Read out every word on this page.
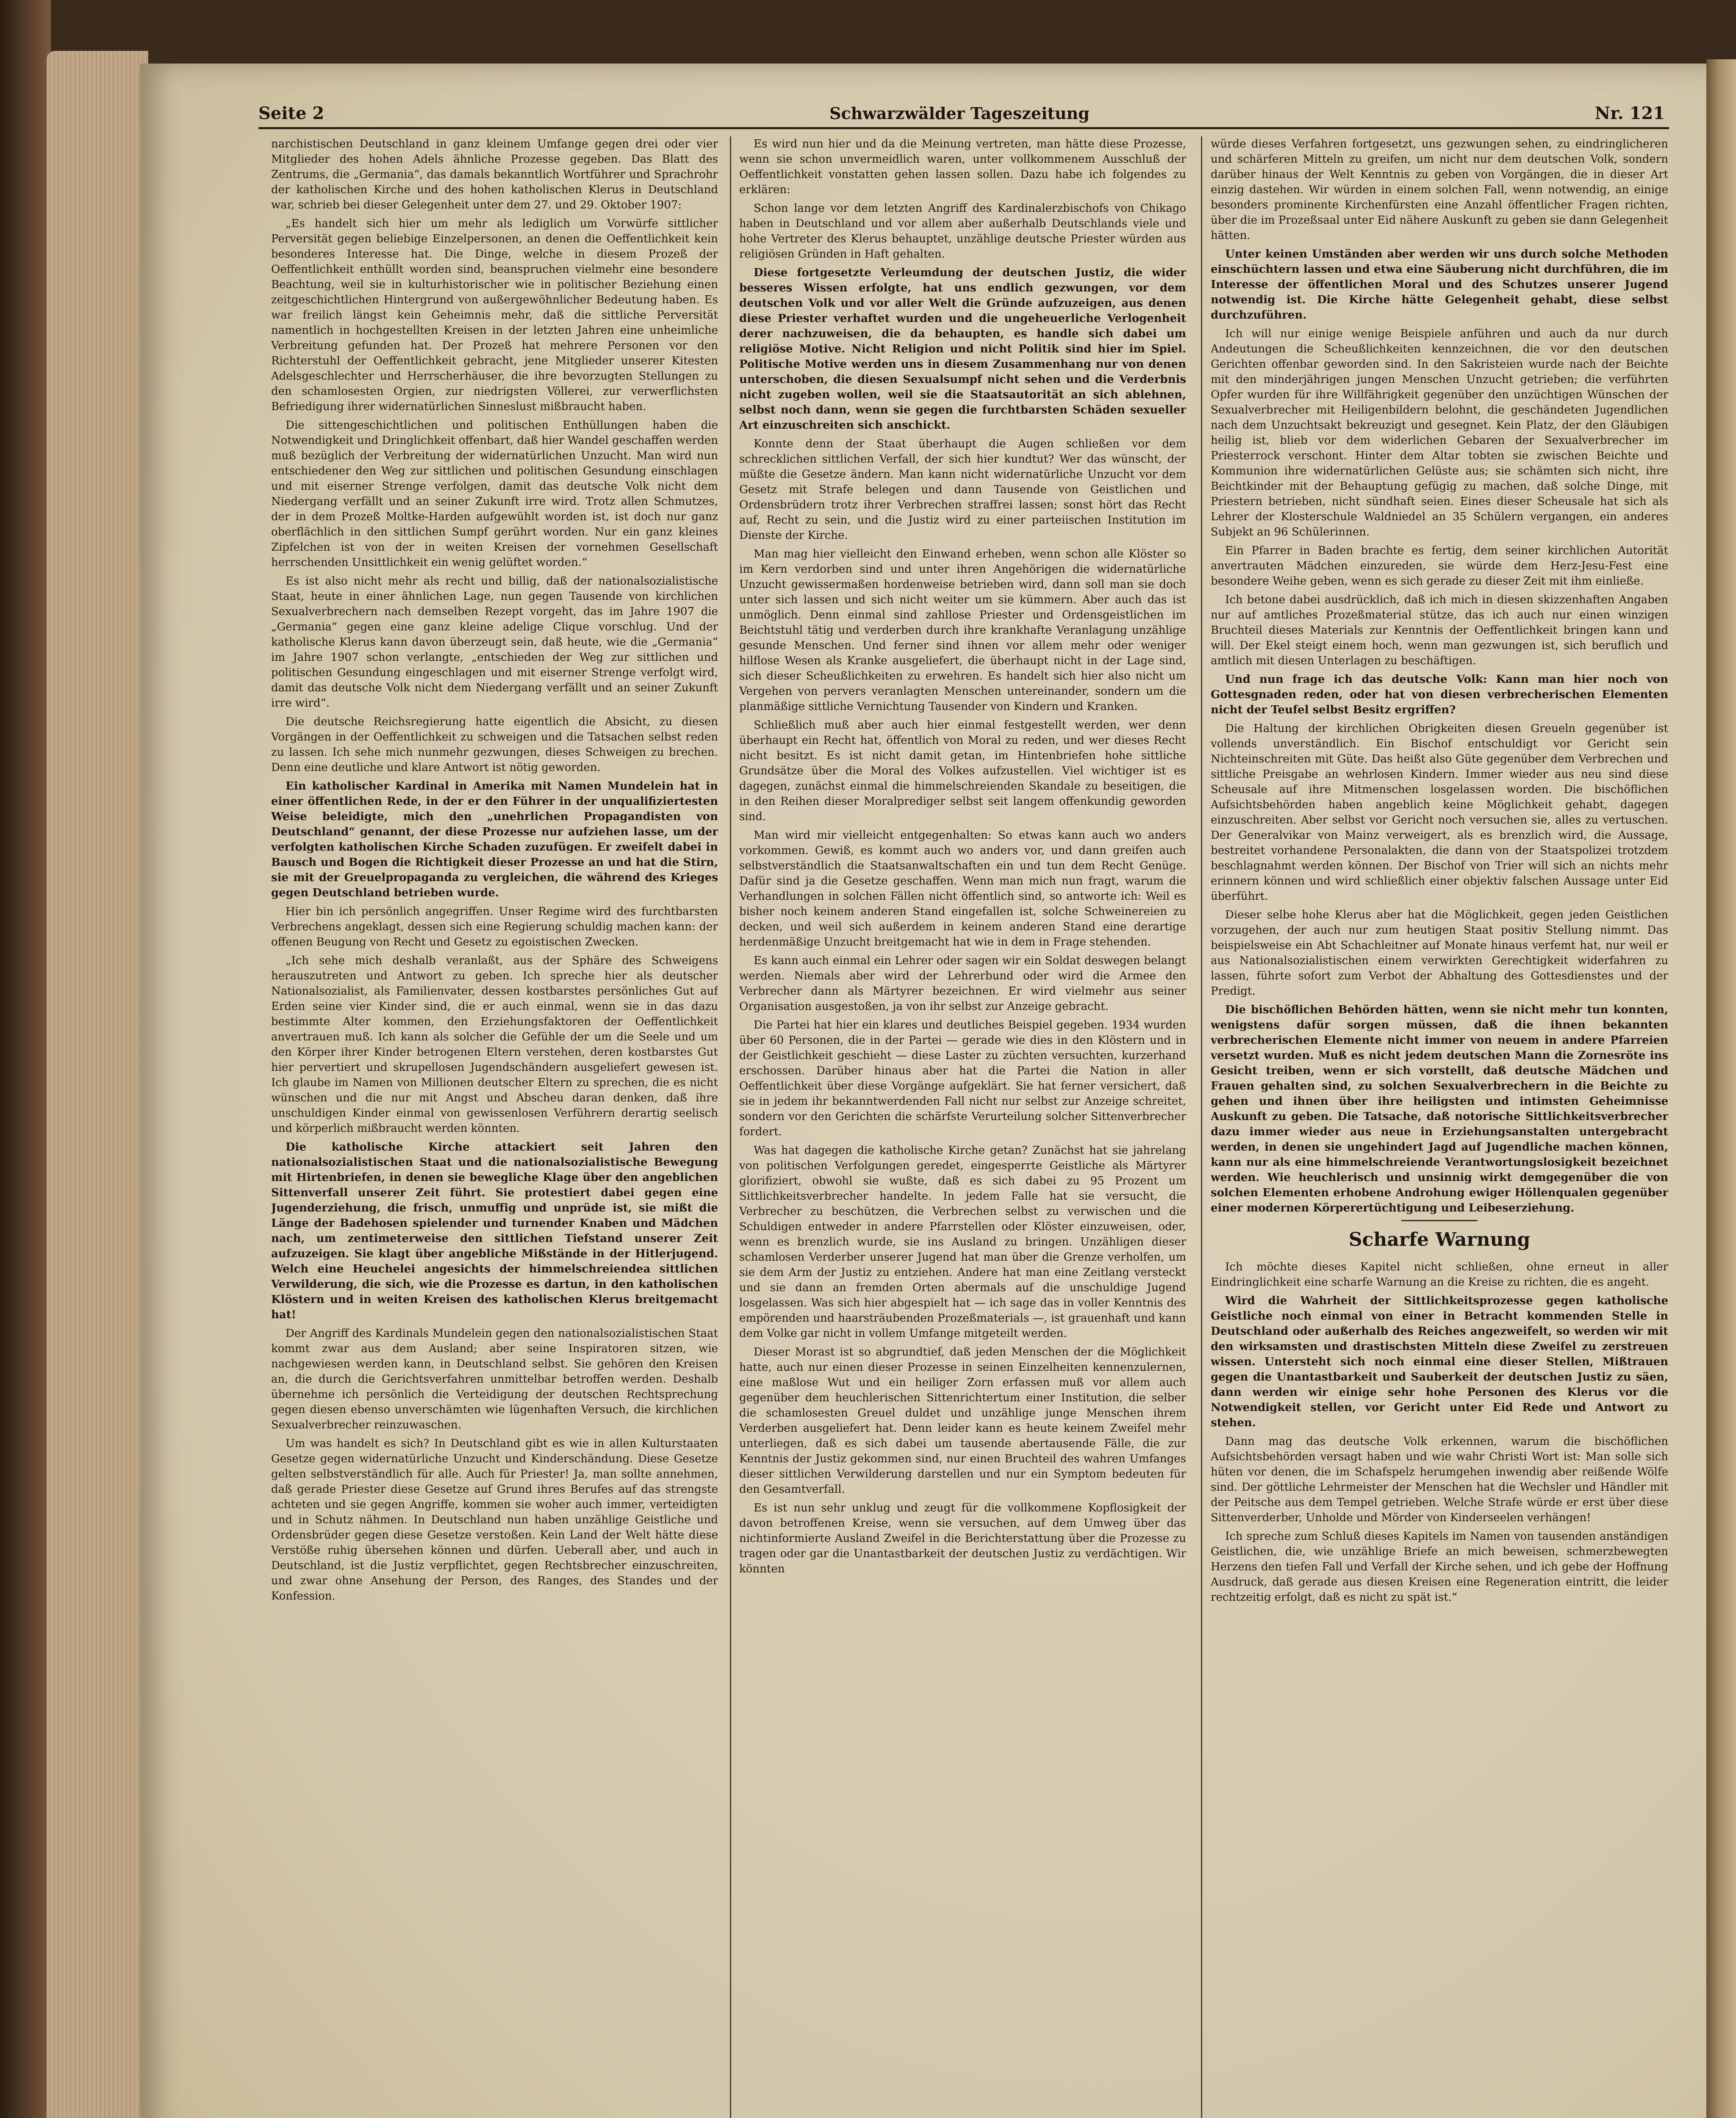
Seite 2	Schwarzwälder Tageszeitung	Nr. 121

narchistischen Deutschland in ganz kleinem Umfange gegen drei oder vier Mitglieder des hohen Adels ähnliche Prozesse gegeben. Das Blatt des Zentrums, die „Germania“, das damals bekanntlich Wortführer und Sprachrohr der katholischen Kirche und des hohen katholischen Klerus in Deutschland war, schrieb bei dieser Gelegenheit unter dem 27. und 29. Oktober 1907:

„Es handelt sich hier um mehr als lediglich um Vorwürfe sittlicher Perversität gegen beliebige Einzelpersonen, an denen die Oeffentlichkeit kein besonderes Interesse hat. Die Dinge, welche in diesem Prozeß der Oeffentlichkeit enthüllt worden sind, beanspruchen vielmehr eine besondere Beachtung, weil sie in kulturhistorischer wie in politischer Beziehung einen zeitgeschichtlichen Hintergrund von außergewöhnlicher Bedeutung haben. Es war freilich längst kein Geheimnis mehr, daß die sittliche Perversität namentlich in hochgestellten Kreisen in der letzten Jahren eine unheimliche Verbreitung gefunden hat. Der Prozeß hat mehrere Personen vor den Richterstuhl der Oeffentlichkeit gebracht, jene Mitglieder unserer Kitesten Adelsgeschlechter und Herrscherhäuser, die ihre bevorzugten Stellungen zu den schamlosesten Orgien, zur niedrigsten Völlerei, zur verwerflichsten Befriedigung ihrer widernatürlichen Sinneslust mißbraucht haben.

Die sittengeschichtlichen und politischen Enthüllungen haben die Notwendigkeit und Dringlichkeit offenbart, daß hier Wandel geschaffen werden muß bezüglich der Verbreitung der widernatürlichen Unzucht. Man wird nun entschiedener den Weg zur sittlichen und politischen Gesundung einschlagen und mit eiserner Strenge verfolgen, damit das deutsche Volk nicht dem Niedergang verfällt und an seiner Zukunft irre wird. Trotz allen Schmutzes, der in dem Prozeß Moltke-Harden aufgewühlt worden ist, ist doch nur ganz oberflächlich in den sittlichen Sumpf gerührt worden. Nur ein ganz kleines Zipfelchen ist von der in weiten Kreisen der vornehmen Gesellschaft herrschenden Unsittlichkeit ein wenig gelüftet worden.“

Es ist also nicht mehr als recht und billig, daß der nationalsozialistische Staat, heute in einer ähnlichen Lage, nun gegen Tausende von kirchlichen Sexualverbrechern nach demselben Rezept vorgeht, das im Jahre 1907 die „Germania“ gegen eine ganz kleine adelige Clique vorschlug. Und der katholische Klerus kann davon überzeugt sein, daß heute, wie die „Germania“ im Jahre 1907 schon verlangte, „entschieden der Weg zur sittlichen und politischen Gesundung eingeschlagen und mit eiserner Strenge verfolgt wird, damit das deutsche Volk nicht dem Niedergang verfällt und an seiner Zukunft irre wird“.

Die deutsche Reichsregierung hatte eigentlich die Absicht, zu diesen Vorgängen in der Oeffentlichkeit zu schweigen und die Tatsachen selbst reden zu lassen. Ich sehe mich nunmehr gezwungen, dieses Schweigen zu brechen. Denn eine deutliche und klare Antwort ist nötig geworden.

Ein katholischer Kardinal in Amerika mit Namen Mundelein hat in einer öffentlichen Rede, in der er den Führer in der unqualifiziertesten Weise beleidigte, mich den „unehrlichen Propagandisten von Deutschland“ genannt, der diese Prozesse nur aufziehen lasse, um der verfolgten katholischen Kirche Schaden zuzufügen. Er zweifelt dabei in Bausch und Bogen die Richtigkeit dieser Prozesse an und hat die Stirn, sie mit der Greuelpropaganda zu vergleichen, die während des Krieges gegen Deutschland betrieben wurde.

Hier bin ich persönlich angegriffen. Unser Regime wird des furchtbarsten Verbrechens angeklagt, dessen sich eine Regierung schuldig machen kann: der offenen Beugung von Recht und Gesetz zu egoistischen Zwecken.

„Ich sehe mich deshalb veranlaßt, aus der Sphäre des Schweigens herauszutreten und Antwort zu geben. Ich spreche hier als deutscher Nationalsozialist, als Familienvater, dessen kostbarstes persönliches Gut auf Erden seine vier Kinder sind, die er auch einmal, wenn sie in das dazu bestimmte Alter kommen, den Erziehungsfaktoren der Oeffentlichkeit anvertrauen muß. Ich kann als solcher die Gefühle der um die Seele und um den Körper ihrer Kinder betrogenen Eltern verstehen, deren kostbarstes Gut hier pervertiert und skrupellosen Jugendschändern ausgeliefert gewesen ist. Ich glaube im Namen von Millionen deutscher Eltern zu sprechen, die es nicht wünschen und die nur mit Angst und Abscheu daran denken, daß ihre unschuldigen Kinder einmal von gewissenlosen Verführern derartig seelisch und körperlich mißbraucht werden könnten.

Die katholische Kirche attackiert seit Jahren den nationalsozialistischen Staat und die nationalsozialistische Bewegung mit Hirtenbriefen, in denen sie bewegliche Klage über den angeblichen Sittenverfall unserer Zeit führt. Sie protestiert dabei gegen eine Jugenderziehung, die frisch, unmuffig und unprüde ist, sie mißt die Länge der Badehosen spielender und turnender Knaben und Mädchen nach, um zentimeterweise den sittlichen Tiefstand unserer Zeit aufzuzeigen. Sie klagt über angebliche Mißstände in der Hitlerjugend. Welch eine Heuchelei angesichts der himmelschreiendea sittlichen Verwilderung, die sich, wie die Prozesse es dartun, in den katholischen Klöstern und in weiten Kreisen des katholischen Klerus breitgemacht hat!

Der Angriff des Kardinals Mundelein gegen den nationalsozialistischen Staat kommt zwar aus dem Ausland; aber seine Inspiratoren sitzen, wie nachgewiesen werden kann, in Deutschland selbst. Sie gehören den Kreisen an, die durch die Gerichtsverfahren unmittelbar betroffen werden. Deshalb übernehme ich persönlich die Verteidigung der deutschen Rechtsprechung gegen diesen ebenso unverschämten wie lügenhaften Versuch, die kirchlichen Sexualverbrecher reinzuwaschen.

Um was handelt es sich? In Deutschland gibt es wie in allen Kulturstaaten Gesetze gegen widernatürliche Unzucht und Kinderschändung. Diese Gesetze gelten selbstverständlich für alle. Auch für Priester! Ja, man sollte annehmen, daß gerade Priester diese Gesetze auf Grund ihres Berufes auf das strengste achteten und sie gegen Angriffe, kommen sie woher auch immer, verteidigten und in Schutz nähmen. In Deutschland nun haben unzählige Geistliche und Ordensbrüder gegen diese Gesetze verstoßen. Kein Land der Welt hätte diese Verstöße ruhig übersehen können und dürfen. Ueberall aber, und auch in Deutschland, ist die Justiz verpflichtet, gegen Rechtsbrecher einzuschreiten, und zwar ohne Ansehung der Person, des Ranges, des Standes und der Konfession.

Es wird nun hier und da die Meinung vertreten, man hätte diese Prozesse, wenn sie schon unvermeidlich waren, unter vollkommenem Ausschluß der Oeffentlichkeit vonstatten gehen lassen sollen. Dazu habe ich folgendes zu erklären:

Schon lange vor dem letzten Angriff des Kardinalerzbischofs von Chikago haben in Deutschland und vor allem aber außerhalb Deutschlands viele und hohe Vertreter des Klerus behauptet, unzählige deutsche Priester würden aus religiösen Gründen in Haft gehalten.

Diese fortgesetzte Verleumdung der deutschen Justiz, die wider besseres Wissen erfolgte, hat uns endlich gezwungen, vor dem deutschen Volk und vor aller Welt die Gründe aufzuzeigen, aus denen diese Priester verhaftet wurden und die ungeheuerliche Verlogenheit derer nachzuweisen, die da behaupten, es handle sich dabei um religiöse Motive. Nicht Religion und nicht Politik sind hier im Spiel. Politische Motive werden uns in diesem Zusammenhang nur von denen unterschoben, die diesen Sexualsumpf nicht sehen und die Verderbnis nicht zugeben wollen, weil sie die Staatsautorität an sich ablehnen, selbst noch dann, wenn sie gegen die furchtbarsten Schäden sexueller Art einzuschreiten sich anschickt.

Konnte denn der Staat überhaupt die Augen schließen vor dem schrecklichen sittlichen Verfall, der sich hier kundtut? Wer das wünscht, der müßte die Gesetze ändern. Man kann nicht widernatürliche Unzucht vor dem Gesetz mit Strafe belegen und dann Tausende von Geistlichen und Ordensbrüdern trotz ihrer Verbrechen straffrei lassen; sonst hört das Recht auf, Recht zu sein, und die Justiz wird zu einer parteiischen Institution im Dienste der Kirche.

Man mag hier vielleicht den Einwand erheben, wenn schon alle Klöster so im Kern verdorben sind und unter ihren Angehörigen die widernatürliche Unzucht gewissermaßen hordenweise betrieben wird, dann soll man sie doch unter sich lassen und sich nicht weiter um sie kümmern. Aber auch das ist unmöglich. Denn einmal sind zahllose Priester und Ordensgeistlichen im Beichtstuhl tätig und verderben durch ihre krankhafte Veranlagung unzählige gesunde Menschen. Und ferner sind ihnen vor allem mehr oder weniger hilflose Wesen als Kranke ausgeliefert, die überhaupt nicht in der Lage sind, sich dieser Scheußlichkeiten zu erwehren. Es handelt sich hier also nicht um Vergehen von pervers veranlagten Menschen untereinander, sondern um die planmäßige sittliche Vernichtung Tausender von Kindern und Kranken.

Schließlich muß aber auch hier einmal festgestellt werden, wer denn überhaupt ein Recht hat, öffentlich von Moral zu reden, und wer dieses Recht nicht besitzt. Es ist nicht damit getan, im Hintenbriefen hohe sittliche Grundsätze über die Moral des Volkes aufzustellen. Viel wichtiger ist es dagegen, zunächst einmal die himmelschreienden Skandale zu beseitigen, die in den Reihen dieser Moralprediger selbst seit langem offenkundig geworden sind.

Man wird mir vielleicht entgegenhalten: So etwas kann auch wo anders vorkommen. Gewiß, es kommt auch wo anders vor, und dann greifen auch selbstverständlich die Staatsanwaltschaften ein und tun dem Recht Genüge. Dafür sind ja die Gesetze geschaffen. Wenn man mich nun fragt, warum die Verhandlungen in solchen Fällen nicht öffentlich sind, so antworte ich: Weil es bisher noch keinem anderen Stand eingefallen ist, solche Schweinereien zu decken, und weil sich außerdem in keinem anderen Stand eine derartige herdenmäßige Unzucht breitgemacht hat wie in dem in Frage stehenden.

Es kann auch einmal ein Lehrer oder sagen wir ein Soldat deswegen belangt werden. Niemals aber wird der Lehrerbund oder wird die Armee den Verbrecher dann als Märtyrer bezeichnen. Er wird vielmehr aus seiner Organisation ausgestoßen, ja von ihr selbst zur Anzeige gebracht.

Die Partei hat hier ein klares und deutliches Beispiel gegeben. 1934 wurden über 60 Personen, die in der Partei — gerade wie dies in den Klöstern und in der Geistlichkeit geschieht — diese Laster zu züchten versuchten, kurzerhand erschossen. Darüber hinaus aber hat die Partei die Nation in aller Oeffentlichkeit über diese Vorgänge aufgeklärt. Sie hat ferner versichert, daß sie in jedem ihr bekanntwerdenden Fall nicht nur selbst zur Anzeige schreitet, sondern vor den Gerichten die schärfste Verurteilung solcher Sittenverbrecher fordert.

Was hat dagegen die katholische Kirche getan? Zunächst hat sie jahrelang von politischen Verfolgungen geredet, eingesperrte Geistliche als Märtyrer glorifiziert, obwohl sie wußte, daß es sich dabei zu 95 Prozent um Sittlichkeitsverbrecher handelte. In jedem Falle hat sie versucht, die Verbrecher zu beschützen, die Verbrechen selbst zu verwischen und die Schuldigen entweder in andere Pfarrstellen oder Klöster einzuweisen, oder, wenn es brenzlich wurde, sie ins Ausland zu bringen. Unzähligen dieser schamlosen Verderber unserer Jugend hat man über die Grenze verholfen, um sie dem Arm der Justiz zu entziehen. Andere hat man eine Zeitlang versteckt und sie dann an fremden Orten abermals auf die unschuldige Jugend losgelassen. Was sich hier abgespielt hat — ich sage das in voller Kenntnis des empörenden und haarsträubenden Prozeßmaterials —, ist grauenhaft und kann dem Volke gar nicht in vollem Umfange mitgeteilt werden.

Dieser Morast ist so abgrundtief, daß jeden Menschen der die Möglichkeit hatte, auch nur einen dieser Prozesse in seinen Einzelheiten kennenzulernen, eine maßlose Wut und ein heiliger Zorn erfassen muß vor allem auch gegenüber dem heuchlerischen Sittenrichtertum einer Institution, die selber die schamlosesten Greuel duldet und unzählige junge Menschen ihrem Verderben ausgeliefert hat. Denn leider kann es heute keinem Zweifel mehr unterliegen, daß es sich dabei um tausende abertausende Fälle, die zur Kenntnis der Justiz gekommen sind, nur einen Bruchteil des wahren Umfanges dieser sittlichen Verwilderung darstellen und nur ein Symptom bedeuten für den Gesamtverfall.

Es ist nun sehr unklug und zeugt für die vollkommene Kopflosigkeit der davon betroffenen Kreise, wenn sie versuchen, auf dem Umweg über das nichtinformierte Ausland Zweifel in die Berichterstattung über die Prozesse zu tragen oder gar die Unantastbarkeit der deutschen Justiz zu verdächtigen. Wir könnten

würde dieses Verfahren fortgesetzt, uns gezwungen sehen, zu eindringlicheren und schärferen Mitteln zu greifen, um nicht nur dem deutschen Volk, sondern darüber hinaus der Welt Kenntnis zu geben von Vorgängen, die in dieser Art einzig dastehen. Wir würden in einem solchen Fall, wenn notwendig, an einige besonders prominente Kirchenfürsten eine Anzahl öffentlicher Fragen richten, über die im Prozeßsaal unter Eid nähere Auskunft zu geben sie dann Gelegenheit hätten.

Unter keinen Umständen aber werden wir uns durch solche Methoden einschüchtern lassen und etwa eine Säuberung nicht durchführen, die im Interesse der öffentlichen Moral und des Schutzes unserer Jugend notwendig ist. Die Kirche hätte Gelegenheit gehabt, diese selbst durchzuführen.

Ich will nur einige wenige Beispiele anführen und auch da nur durch Andeutungen die Scheußlichkeiten kennzeichnen, die vor den deutschen Gerichten offenbar geworden sind. In den Sakristeien wurde nach der Beichte mit den minderjährigen jungen Menschen Unzucht getrieben; die verführten Opfer wurden für ihre Willfährigkeit gegenüber den unzüchtigen Wünschen der Sexualverbrecher mit Heiligenbildern belohnt, die geschändeten Jugendlichen nach dem Unzuchtsakt bekreuzigt und gesegnet. Kein Platz, der den Gläubigen heilig ist, blieb vor dem widerlichen Gebaren der Sexualverbrecher im Priesterrock verschont. Hinter dem Altar tobten sie zwischen Beichte und Kommunion ihre widernatürlichen Gelüste aus; sie schämten sich nicht, ihre Beichtkinder mit der Behauptung gefügig zu machen, daß solche Dinge, mit Priestern betrieben, nicht sündhaft seien. Eines dieser Scheusale hat sich als Lehrer der Klosterschule Waldniedel an 35 Schülern vergangen, ein anderes Subjekt an 96 Schülerinnen.

Ein Pfarrer in Baden brachte es fertig, dem seiner kirchlichen Autorität anvertrauten Mädchen einzureden, sie würde dem Herz-Jesu-Fest eine besondere Weihe geben, wenn es sich gerade zu dieser Zeit mit ihm einließe.

Ich betone dabei ausdrücklich, daß ich mich in diesen skizzenhaften Angaben nur auf amtliches Prozeßmaterial stütze, das ich auch nur einen winzigen Bruchteil dieses Materials zur Kenntnis der Oeffentlichkeit bringen kann und will. Der Ekel steigt einem hoch, wenn man gezwungen ist, sich beruflich und amtlich mit diesen Unterlagen zu beschäftigen.

Und nun frage ich das deutsche Volk: Kann man hier noch von Gottesgnaden reden, oder hat von diesen verbrecherischen Elementen nicht der Teufel selbst Besitz ergriffen?

Die Haltung der kirchlichen Obrigkeiten diesen Greueln gegenüber ist vollends unverständlich. Ein Bischof entschuldigt vor Gericht sein Nichteinschreiten mit Güte. Das heißt also Güte gegenüber dem Verbrechen und sittliche Preisgabe an wehrlosen Kindern. Immer wieder aus neu sind diese Scheusale auf ihre Mitmenschen losgelassen worden. Die bischöflichen Aufsichtsbehörden haben angeblich keine Möglichkeit gehabt, dagegen einzuschreiten. Aber selbst vor Gericht noch versuchen sie, alles zu vertuschen. Der Generalvikar von Mainz verweigert, als es brenzlich wird, die Aussage, bestreitet vorhandene Personalakten, die dann von der Staatspolizei trotzdem beschlagnahmt werden können. Der Bischof von Trier will sich an nichts mehr erinnern können und wird schließlich einer objektiv falschen Aussage unter Eid überführt.

Dieser selbe hohe Klerus aber hat die Möglichkeit, gegen jeden Geistlichen vorzugehen, der auch nur zum heutigen Staat positiv Stellung nimmt. Das beispielsweise ein Abt Schachleitner auf Monate hinaus verfemt hat, nur weil er aus Nationalsozialistischen einem verwirkten Gerechtigkeit widerfahren zu lassen, führte sofort zum Verbot der Abhaltung des Gottesdienstes und der Predigt.

Die bischöflichen Behörden hätten, wenn sie nicht mehr tun konnten, wenigstens dafür sorgen müssen, daß die ihnen bekannten verbrecherischen Elemente nicht immer von neuem in andere Pfarreien versetzt wurden. Muß es nicht jedem deutschen Mann die Zornesröte ins Gesicht treiben, wenn er sich vorstellt, daß deutsche Mädchen und Frauen gehalten sind, zu solchen Sexualverbrechern in die Beichte zu gehen und ihnen über ihre heiligsten und intimsten Geheimnisse Auskunft zu geben. Die Tatsache, daß notorische Sittlichkeitsverbrecher dazu immer wieder aus neue in Erziehungsanstalten untergebracht werden, in denen sie ungehindert Jagd auf Jugendliche machen können, kann nur als eine himmelschreiende Verantwortungslosigkeit bezeichnet werden. Wie heuchlerisch und unsinnig wirkt demgegenüber die von solchen Elementen erhobene Androhung ewiger Höllenqualen gegenüber einer modernen Körperertüchtigung und Leibeserziehung.

Scharfe Warnung

Ich möchte dieses Kapitel nicht schließen, ohne erneut in aller Eindringlichkeit eine scharfe Warnung an die Kreise zu richten, die es angeht.

Wird die Wahrheit der Sittlichkeitsprozesse gegen katholische Geistliche noch einmal von einer in Betracht kommenden Stelle in Deutschland oder außerhalb des Reiches angezweifelt, so werden wir mit den wirksamsten und drastischsten Mitteln diese Zweifel zu zerstreuen wissen. Untersteht sich noch einmal eine dieser Stellen, Mißtrauen gegen die Unantastbarkeit und Sauberkeit der deutschen Justiz zu säen, dann werden wir einige sehr hohe Personen des Klerus vor die Notwendigkeit stellen, vor Gericht unter Eid Rede und Antwort zu stehen.

Dann mag das deutsche Volk erkennen, warum die bischöflichen Aufsichtsbehörden versagt haben und wie wahr Christi Wort ist: Man solle sich hüten vor denen, die im Schafspelz herumgehen inwendig aber reißende Wölfe sind. Der göttliche Lehrmeister der Menschen hat die Wechsler und Händler mit der Peitsche aus dem Tempel getrieben. Welche Strafe würde er erst über diese Sittenverderber, Unholde und Mörder von Kinderseelen verhängen!

Ich spreche zum Schluß dieses Kapitels im Namen von tausenden anständigen Geistlichen, die, wie unzählige Briefe an mich beweisen, schmerzbewegten Herzens den tiefen Fall und Verfall der Kirche sehen, und ich gebe der Hoffnung Ausdruck, daß gerade aus diesen Kreisen eine Regeneration eintritt, die leider rechtzeitig erfolgt, daß es nicht zu spät ist.“
